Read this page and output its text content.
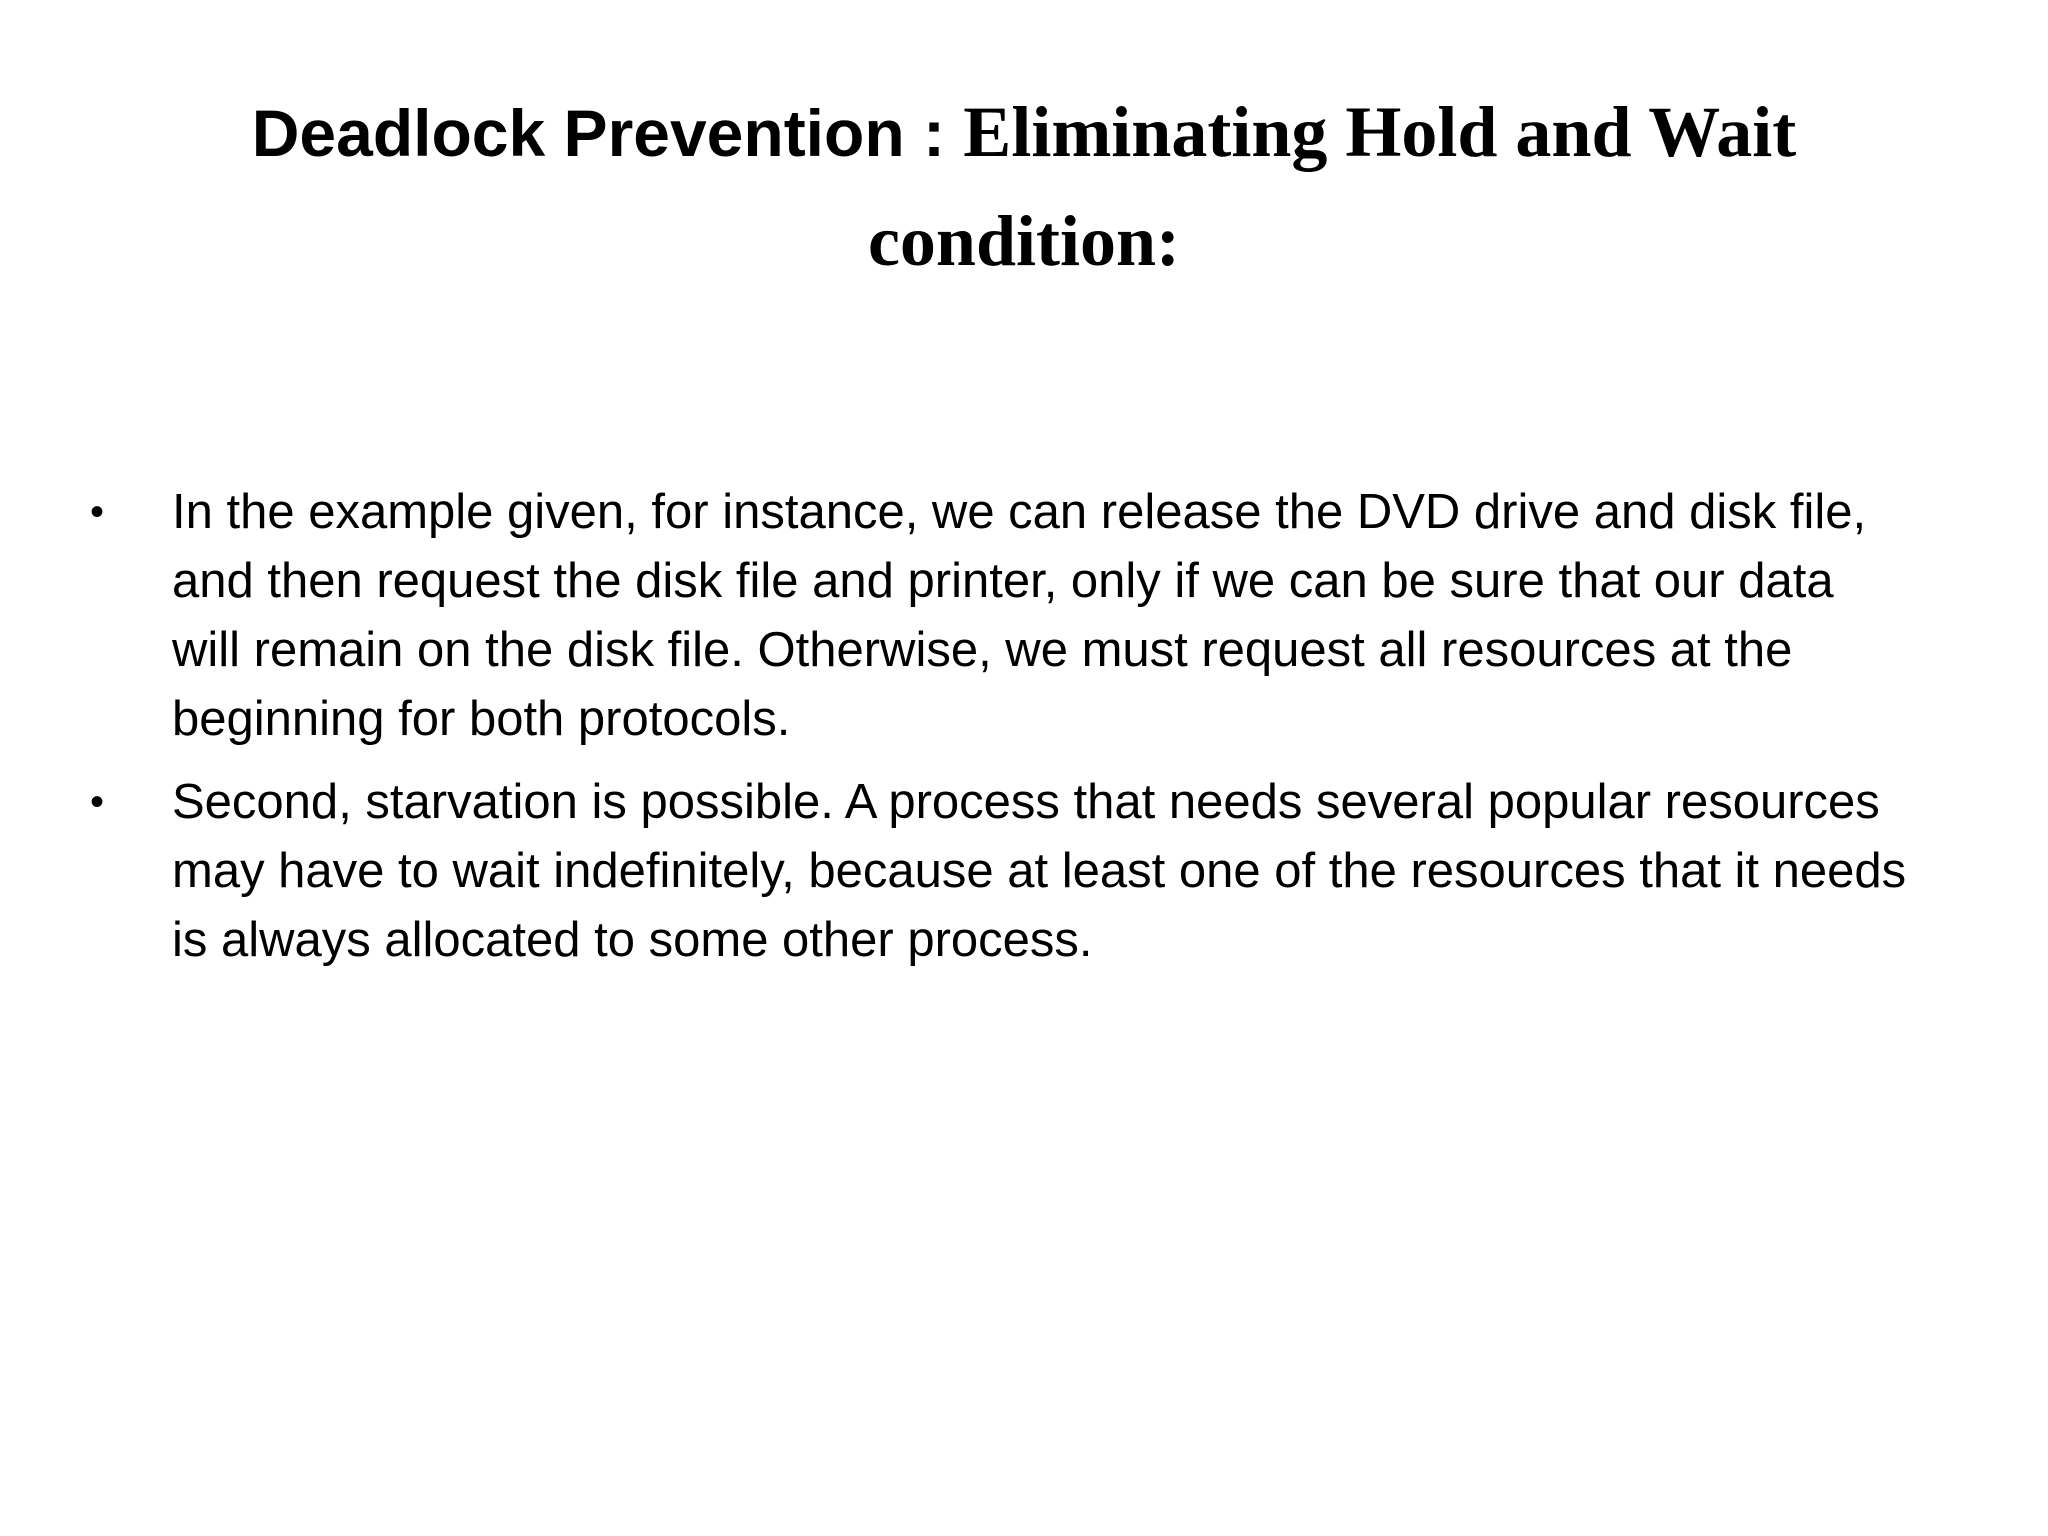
Deadlock Prevention : Eliminating Hold and Wait condition:
• In the example given, for instance, we can release the DVD drive and disk file, and then request the disk file and printer, only if we can be sure that our data will remain on the disk file. Otherwise, we must request all resources at the beginning for both protocols.
• Second, starvation is possible. A process that needs several popular resources may have to wait indefinitely, because at least one of the resources that it needs is always allocated to some other process.
